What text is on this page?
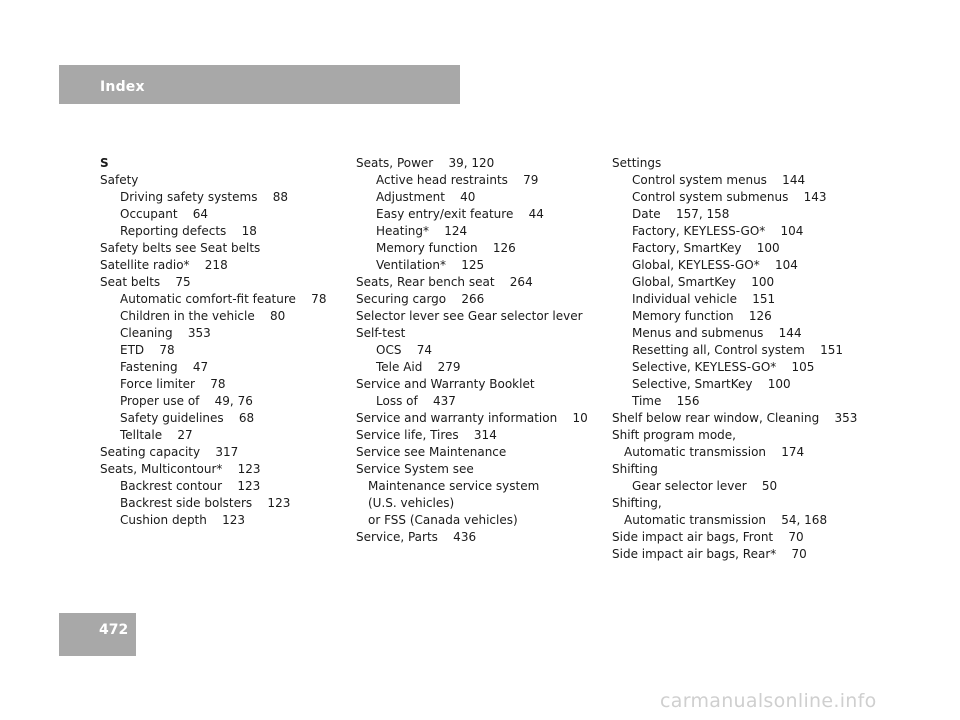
Index
S
Safety
Driving safety systems    88
Occupant    64
Reporting defects    18
Safety belts see Seat belts
Satellite radio*    218
Seat belts    75
Automatic comfort-fit feature    78
Children in the vehicle    80
Cleaning    353
ETD    78
Fastening    47
Force limiter    78
Proper use of    49, 76
Safety guidelines    68
Telltale    27
Seating capacity    317
Seats, Multicontour*    123
Backrest contour    123
Backrest side bolsters    123
Cushion depth    123
Seats, Power    39, 120
Active head restraints    79
Adjustment    40
Easy entry/exit feature    44
Heating*    124
Memory function    126
Ventilation*    125
Seats, Rear bench seat    264
Securing cargo    266
Selector lever see Gear selector lever
Self-test
OCS    74
Tele Aid    279
Service and Warranty Booklet
Loss of    437
Service and warranty information    10
Service life, Tires    314
Service see Maintenance
Service System see
Maintenance service system
(U.S. vehicles)
or FSS (Canada vehicles)
Service, Parts    436
Settings
Control system menus    144
Control system submenus    143
Date    157, 158
Factory, KEYLESS-GO*    104
Factory, SmartKey    100
Global, KEYLESS-GO*    104
Global, SmartKey    100
Individual vehicle    151
Memory function    126
Menus and submenus    144
Resetting all, Control system    151
Selective, KEYLESS-GO*    105
Selective, SmartKey    100
Time    156
Shelf below rear window, Cleaning    353
Shift program mode,
Automatic transmission    174
Shifting
Gear selector lever    50
Shifting,
Automatic transmission    54, 168
Side impact air bags, Front    70
Side impact air bags, Rear*    70
472
carmanualsonline.info
